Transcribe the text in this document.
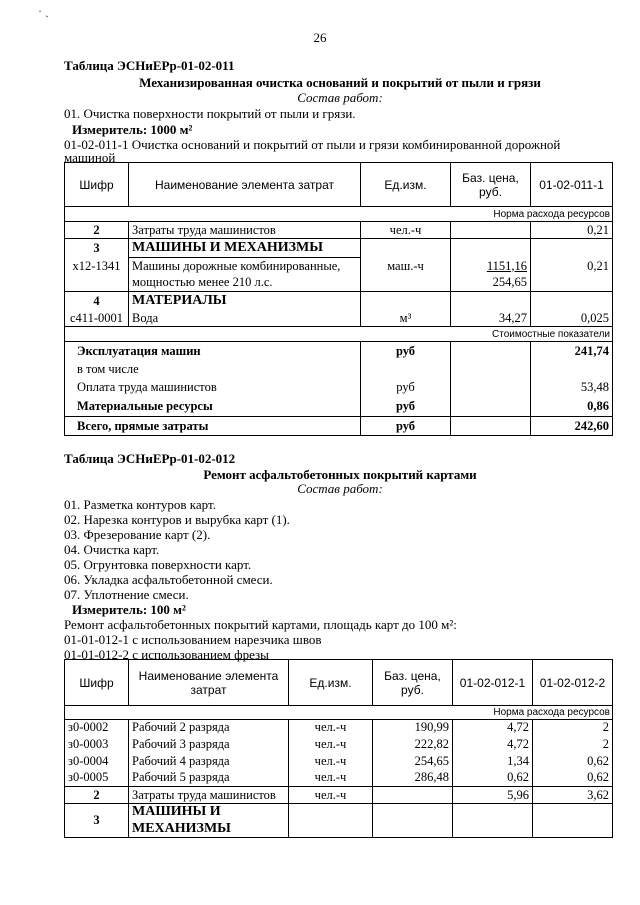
· ˎ
26
Таблица ЭСНиЕРр-01-02-011
Механизированная очистка оснований и покрытий от пыли и грязи
Состав работ:
01. Очистка поверхности покрытий от пыли и грязи.
Измеритель: 1000 м²
01-02-011-1 Очистка оснований и покрытий от пыли и грязи комбинированной дорожной
машиной
Шифр	Наименование элемента затрат	Ед.изм.	Баз. цена, руб.	01-02-011-1
Норма расхода ресурсов				
2	Затраты труда машинистов	чел.-ч		0,21
3	МАШИНЫ И МЕХАНИЗМЫ			
х12-1341	Машины дорожные комбинированные,	маш.-ч	1151,16	0,21
	мощностью менее 210 л.с.		254,65	
4	МАТЕРИАЛЫ			
с411-0001	Вода	м³	34,27	0,025
Стоимостные показатели				
Эксплуатация машин		руб		241,74
в том числе				
Оплата труда машинистов		руб		53,48
Материальные ресурсы		руб		0,86
Всего, прямые затраты		руб		242,60
Таблица ЭСНиЕРр-01-02-012
Ремонт асфальтобетонных покрытий картами
Состав работ:
01. Разметка контуров карт.
02. Нарезка контуров и вырубка карт (1).
03. Фрезерование карт (2).
04. Очистка карт.
05. Огрунтовка поверхности карт.
06. Укладка асфальтобетонной смеси.
07. Уплотнение смеси.
Измеритель: 100 м²
Ремонт асфальтобетонных покрытий картами, площадь карт до 100 м²:
01-01-012-1 с использованием нарезчика швов
01-01-012-2 с использованием фрезы
Шифр	Наименование элемента затрат	Ед.изм.	Баз. цена, руб.	01-02-012-1	01-02-012-2
Норма расхода ресурсов					
з0-0002	Рабочий 2 разряда	чел.-ч	190,99	4,72	2
з0-0003	Рабочий 3 разряда	чел.-ч	222,82	4,72	2
з0-0004	Рабочий 4 разряда	чел.-ч	254,65	1,34	0,62
з0-0005	Рабочий 5 разряда	чел.-ч	286,48	0,62	0,62
2	Затраты труда машинистов	чел.-ч		5,96	3,62
3	МАШИНЫ И				
	МЕХАНИЗМЫ				
